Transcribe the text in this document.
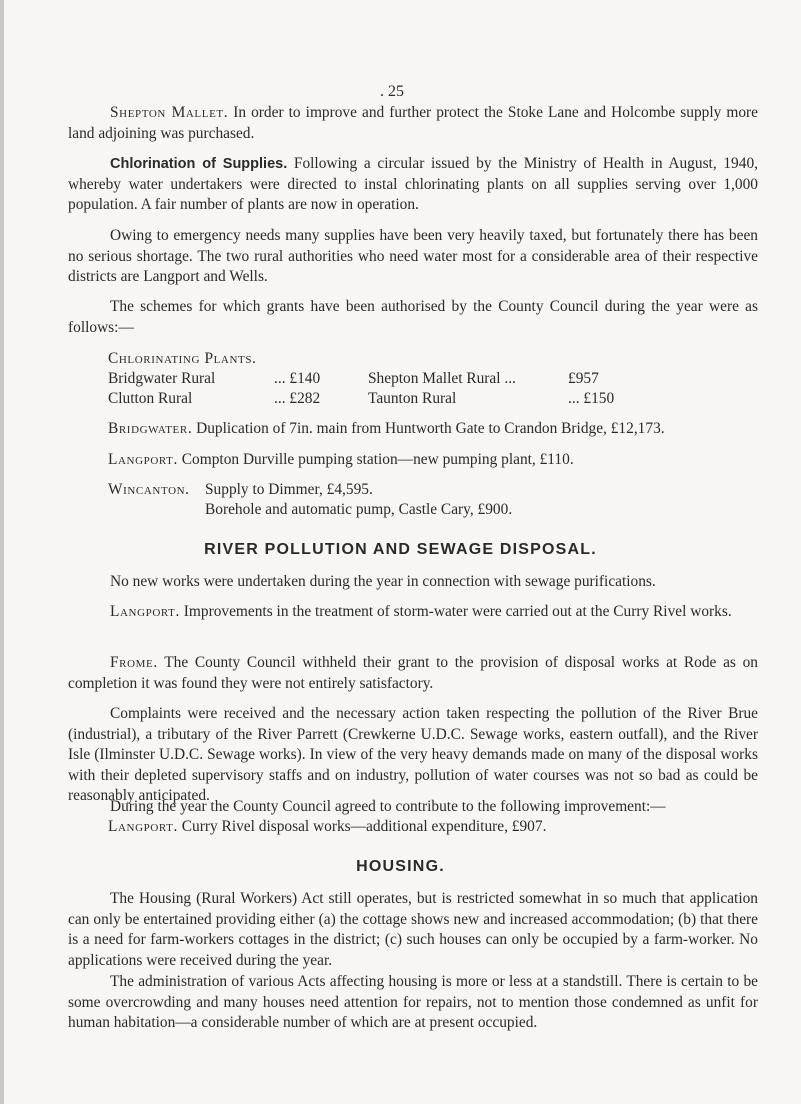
. 25

Shepton Mallet. In order to improve and further protect the Stoke Lane and Holcombe supply more land adjoining was purchased.

Chlorination of Supplies. Following a circular issued by the Ministry of Health in August, 1940, whereby water undertakers were directed to instal chlorinating plants on all supplies serving over 1,000 population. A fair number of plants are now in operation.

Owing to emergency needs many supplies have been very heavily taxed, but fortunately there has been no serious shortage. The two rural authorities who need water most for a considerable area of their respective districts are Langport and Wells.

The schemes for which grants have been authorised by the County Council during the year were as follows:—

Chlorinating Plants.
Bridgwater Rural	... £140	Shepton Mallet Rural ...	£957
Clutton Rural	... £282	Taunton Rural	... £150
Bridgwater. Duplication of 7in. main from Huntworth Gate to Crandon Bridge, £12,173.
Langport. Compton Durville pumping station—new pumping plant, £110.
Wincanton. Supply to Dimmer, £4,595.
Borehole and automatic pump, Castle Cary, £900.
RIVER POLLUTION AND SEWAGE DISPOSAL.

No new works were undertaken during the year in connection with sewage purifications.

Langport. Improvements in the treatment of storm-water were carried out at the Curry Rivel works.

Frome. The County Council withheld their grant to the provision of disposal works at Rode as on completion it was found they were not entirely satisfactory.

Complaints were received and the necessary action taken respecting the pollution of the River Brue (industrial), a tributary of the River Parrett (Crewkerne U.D.C. Sewage works, eastern outfall), and the River Isle (Ilminster U.D.C. Sewage works). In view of the very heavy demands made on many of the disposal works with their depleted supervisory staffs and on industry, pollution of water courses was not so bad as could be reasonably anticipated.

During the year the County Council agreed to contribute to the following improvement:—

Langport. Curry Rivel disposal works—additional expenditure, £907.
HOUSING.

The Housing (Rural Workers) Act still operates, but is restricted somewhat in so much that application can only be entertained providing either (a) the cottage shows new and increased accommodation; (b) that there is a need for farm-workers cottages in the district; (c) such houses can only be occupied by a farm-worker. No applications were received during the year.

The administration of various Acts affecting housing is more or less at a standstill. There is certain to be some overcrowding and many houses need attention for repairs, not to mention those condemned as unfit for human habitation—a considerable number of which are at present occupied.
